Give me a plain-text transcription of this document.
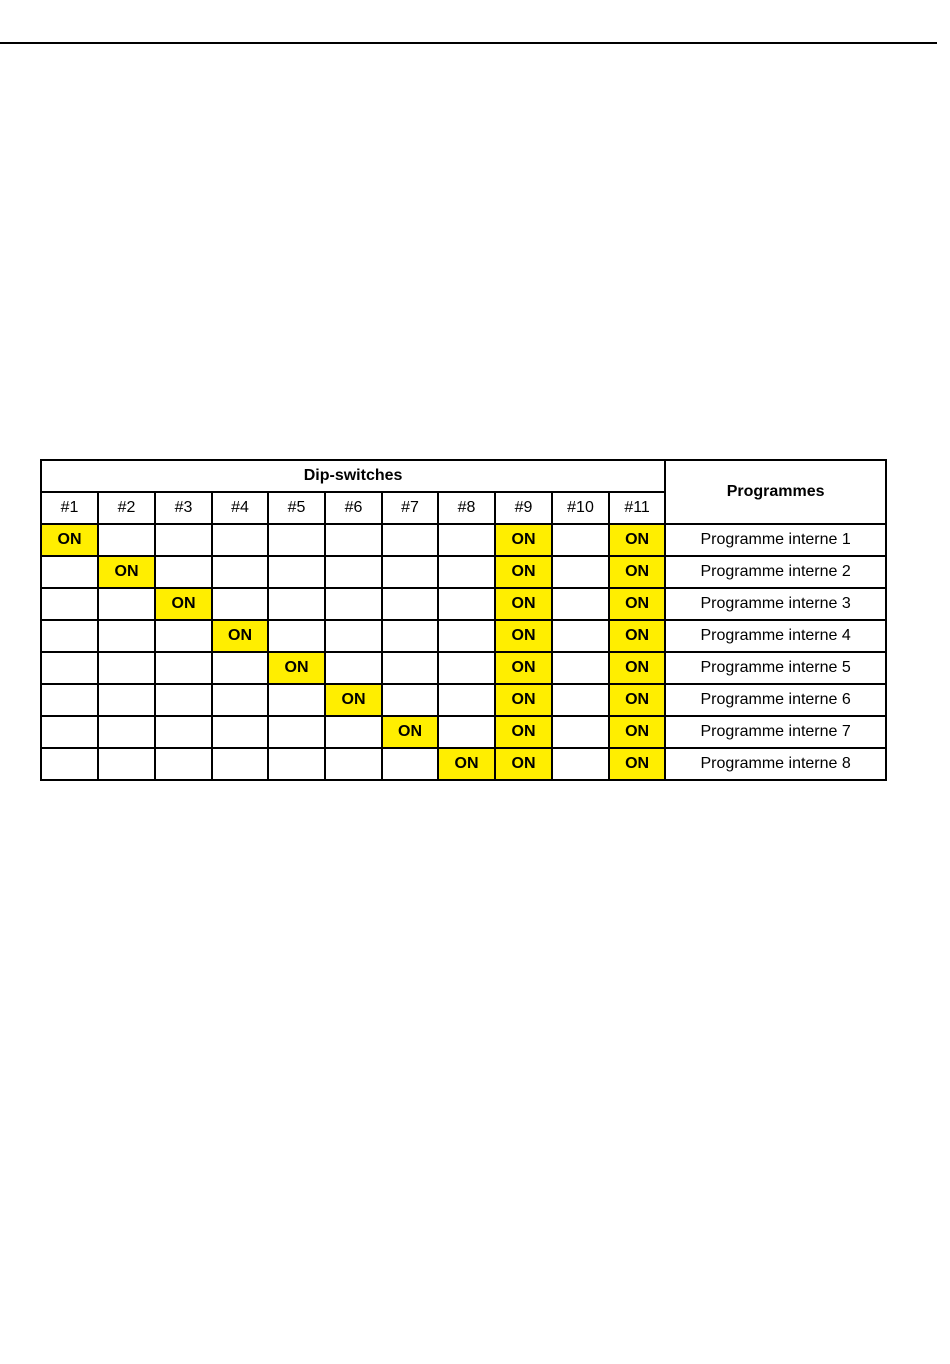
Dip-switches											Programmes
#1	#2	#3	#4	#5	#6	#7	#8	#9	#10	#11	
ON								ON		ON	Programme interne 1
	ON							ON		ON	Programme interne 2
		ON						ON		ON	Programme interne 3
			ON					ON		ON	Programme interne 4
				ON				ON		ON	Programme interne 5
					ON			ON		ON	Programme interne 6
						ON		ON		ON	Programme interne 7
							ON	ON		ON	Programme interne 8
